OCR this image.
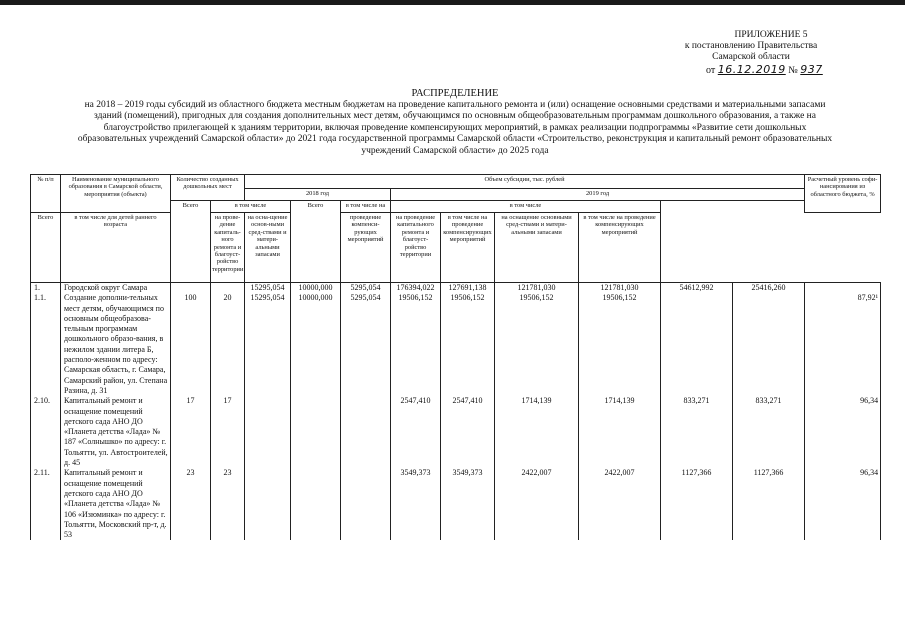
ПРИЛОЖЕНИЕ 5
к постановлению Правительства
Самарской области
от 16.12.2019 № 937
РАСПРЕДЕЛЕНИЕ
на 2018 – 2019 годы субсидий из областного бюджета местным бюджетам на проведение капитального ремонта и (или) оснащение основными средствами и материальными запасами
зданий (помещений), пригодных для создания дополнительных мест детям, обучающимся по основным общеобразовательным программам дошкольного образования, а также на
благоустройство прилегающей к зданиям территории, включая проведение компенсирующих мероприятий, в рамках реализации подпрограммы «Развитие сети дошкольных
образовательных учреждений Самарской области» до 2021 года государственной программы Самарской области «Строительство, реконструкция и капитальный ремонт образовательных
учреждений Самарской области» до 2025 года
№ п/п	Наименование муниципального образования в Самарской области, мероприятия (объекта)	Количество созданных дошкольных мест		Объем субсидии, тыс. рублей									Расчетный уровень софи-нансирования из областного бюджета, %
				2018 год			2019 год						
		Всего	в том числе		Всего	в том числе на	в том числе						
Всего	в том числе для детей раннего возраста		на прове-дение капиталь-ного ремонта и благоуст-ройство территории	на осна-щение основ-ными сред-ствами и матери-альными запасами		проведение компенси-рующих мероприятий	на проведение капитального ремонта и благоуст-ройство территории	в том числе на проведение компенсирующих мероприятий	на оснащение основными сред-ствами и матери-альными запасами	в том числе на проведение компенсирующих мероприятий			
1.	Городской округ Самара			15295,054	10000,000	5295,054	176394,022	127691,138	121781,030	121781,030	54612,992	25416,260	
1.1.	Создание дополни-тельных мест детям, обучающимся по основным общеобразова-тельным программам дошкольного образо-вания, в нежилом здании литера Б, располо-женном по адресу: Самарская область, г. Самара, Самарский район, ул. Степана Разина, д. 31	100	20	15295,054	10000,000	5295,054	19506,152	19506,152	19506,152	19506,152			87,92¹
2.10.	Капитальный ремонт и оснащение помещений детского сада АНО ДО «Планета детства «Лада» № 187 «Солнышко» по адресу: г. Тольятти, ул. Автостроителей, д. 45	17	17				2547,410	2547,410	1714,139	1714,139	833,271	833,271	96,34
2.11.	Капитальный ремонт и оснащение помещений детского сада АНО ДО «Планета детства «Лада» № 106 «Изюминка» по адресу: г. Тольятти, Московский пр-т, д. 53	23	23				3549,373	3549,373	2422,007	2422,007	1127,366	1127,366	96,34
